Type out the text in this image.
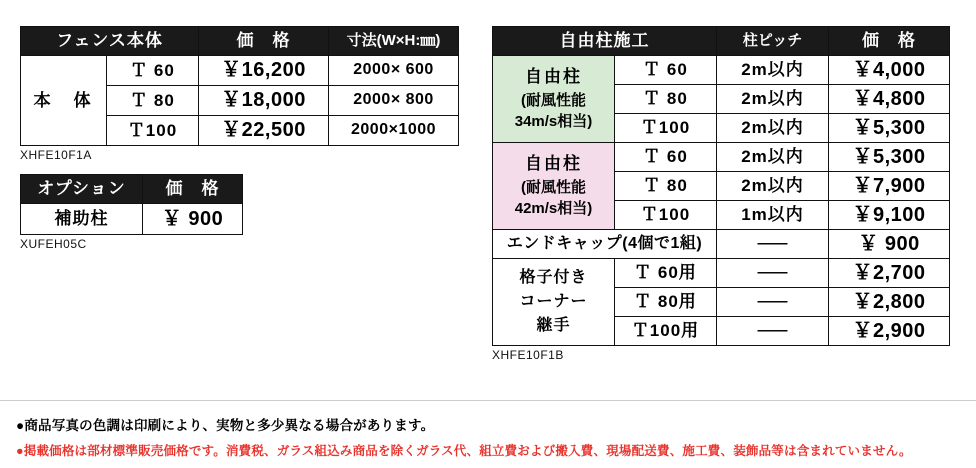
フェンス本体		価　格	寸法(W×H:㎜)
本　体	Ｔ 60	￥16,200	2000× 600
	Ｔ 80	￥18,000	2000× 800
	Ｔ100	￥22,500	2000×1000
XHFE10F1A
オプション	価　格
補助柱	￥ 900
XUFEH05C
自由柱施工		柱ピッチ	価　格

自由柱
(耐風性能
34m/s相当)	Ｔ 60	2m以内	￥4,000
	Ｔ 80	2m以内	￥4,800
	Ｔ100	2m以内	￥5,300

自由柱
(耐風性能
42m/s相当)	Ｔ 60	2m以内	￥5,300
	Ｔ 80	2m以内	￥7,900
	Ｔ100	1m以内	￥9,100
エンドキャップ(4個で1組)		――	￥ 900

格子付き
コーナー
継手	Ｔ 60用	――	￥2,700
	Ｔ 80用	――	￥2,800
	Ｔ100用	――	￥2,900
XHFE10F1B
●商品写真の色調は印刷により、実物と多少異なる場合があります。
●掲載価格は部材標準販売価格です。消費税、ガラス組込み商品を除くガラス代、組立費および搬入費、現場配送費、施工費、装飾品等は含まれていません。
